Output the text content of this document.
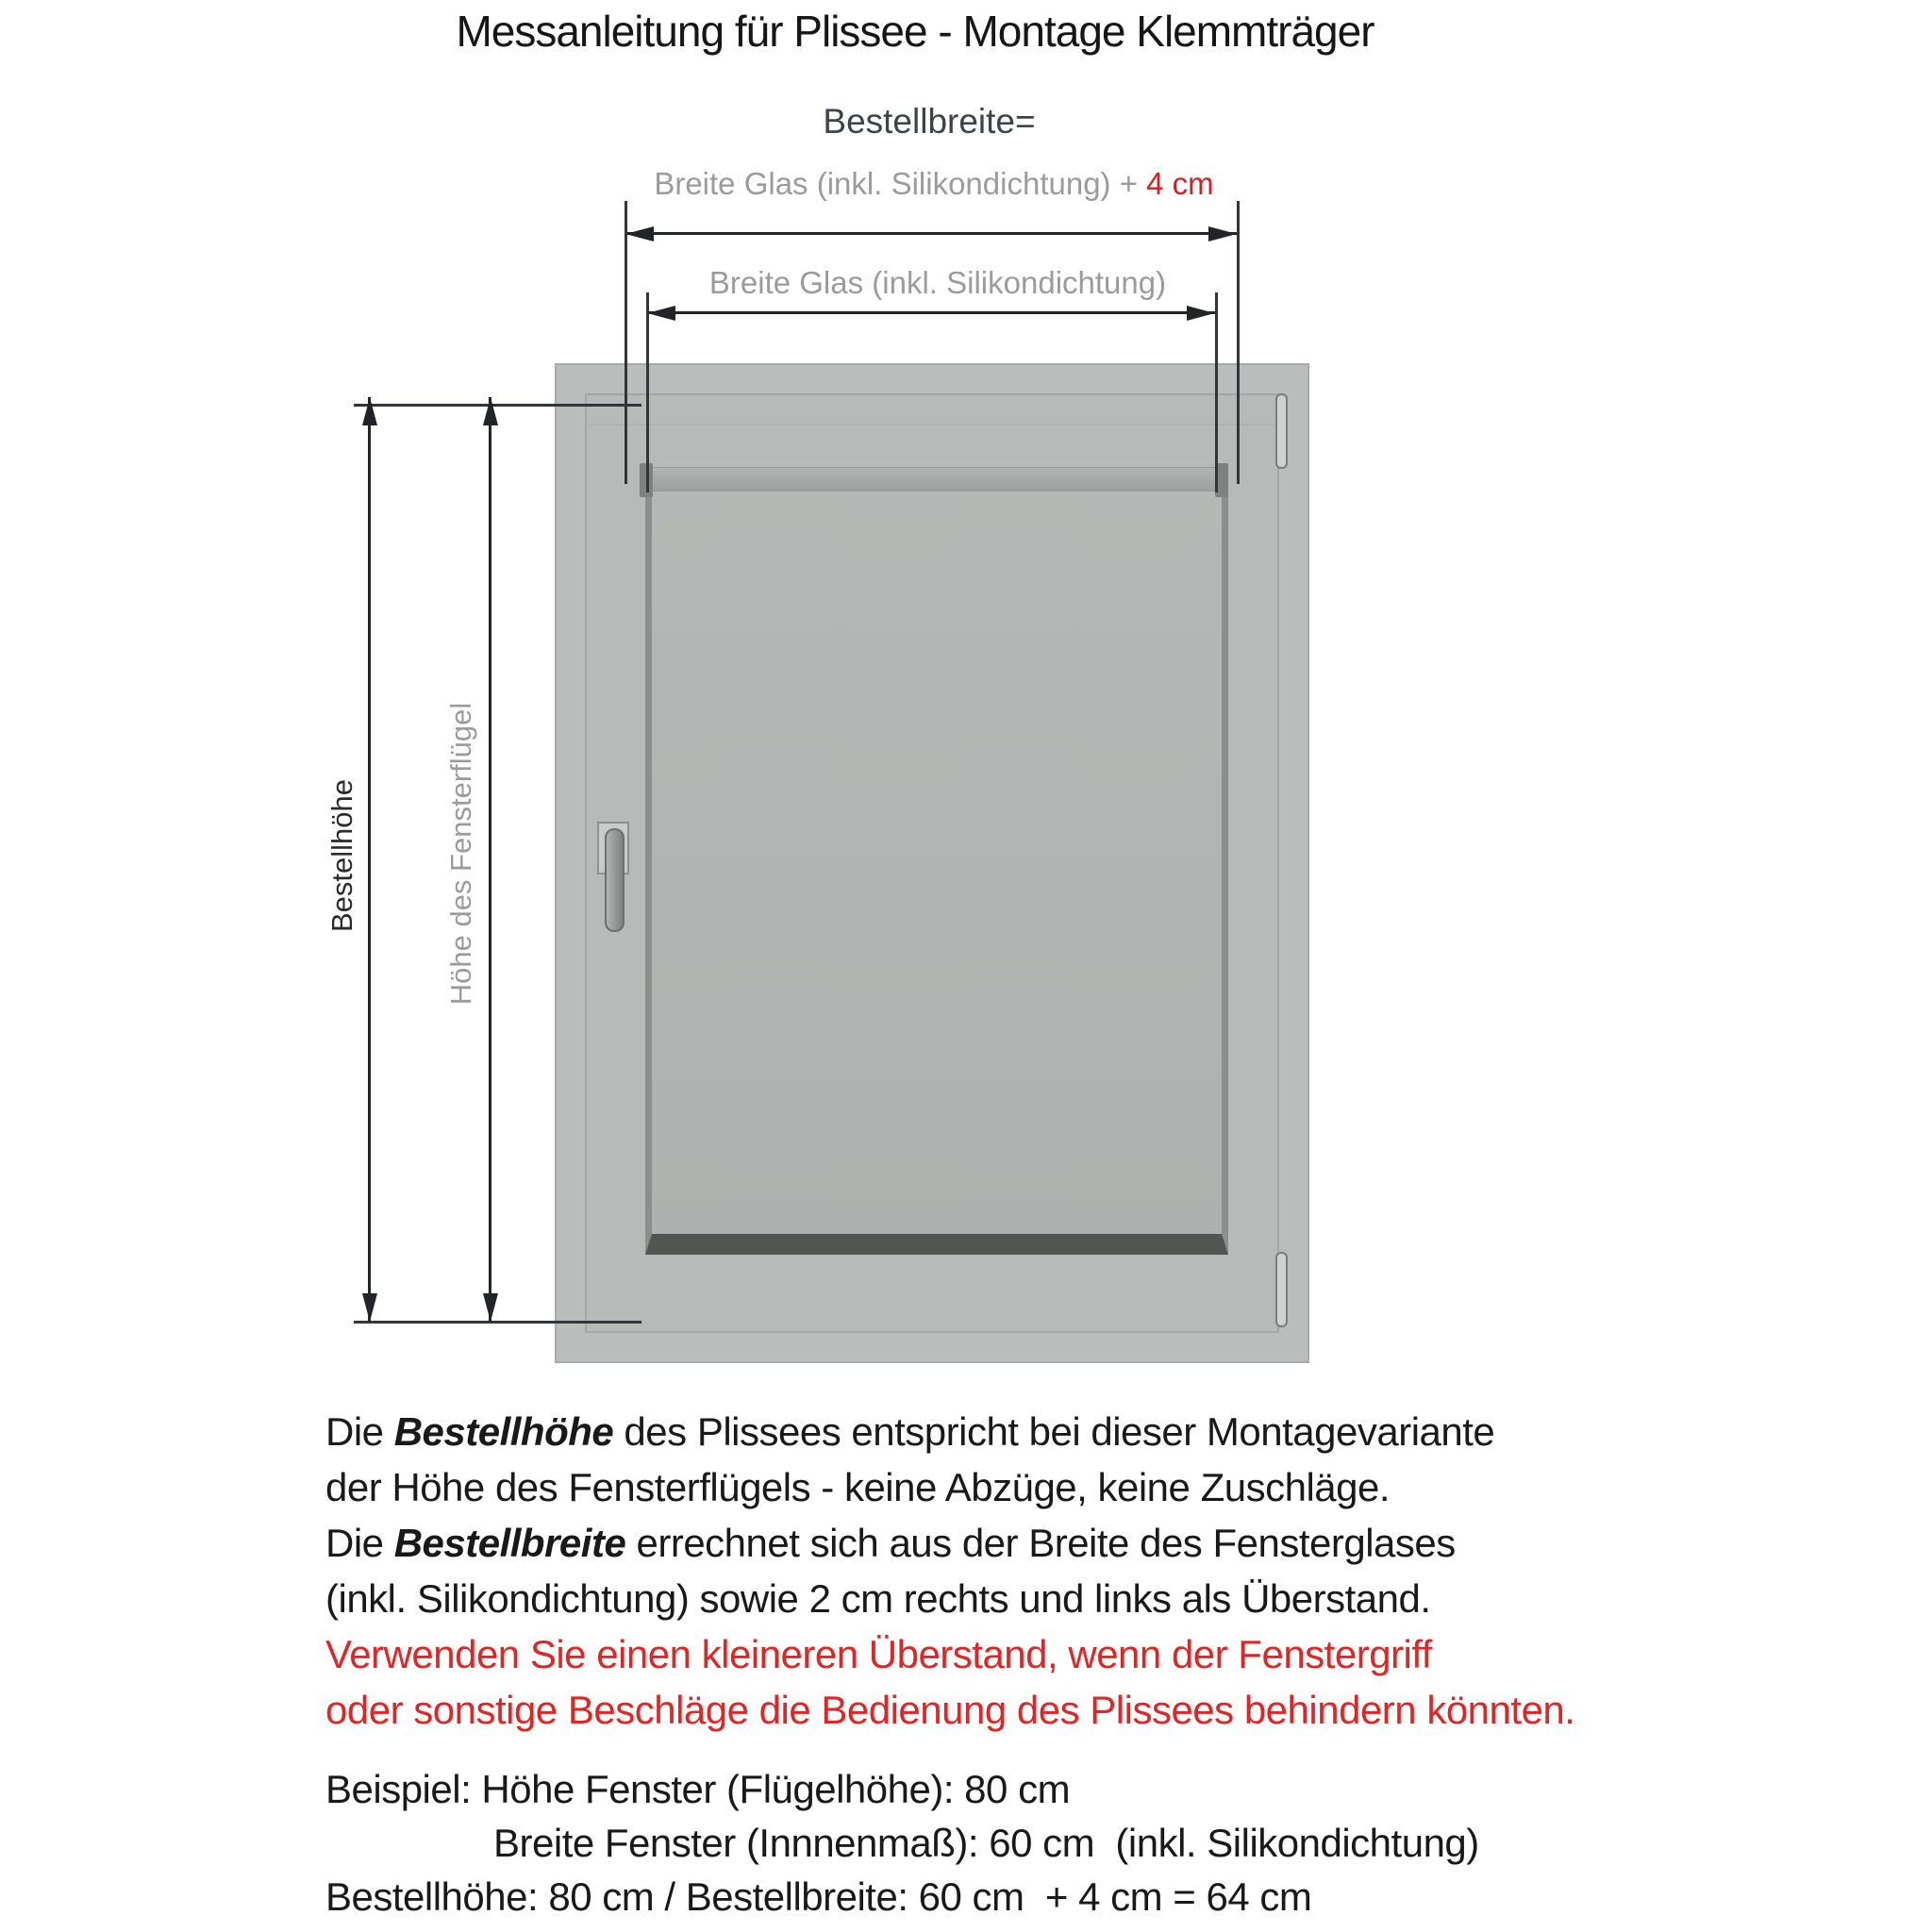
Messanleitung für Plissee - Montage Klemmträger
Bestellbreite=
Breite Glas (inkl. Silikondichtung) + 4 cm
Breite Glas (inkl. Silikondichtung)
Bestellhöhe	Höhe des Fensterflügel
Die Bestellhöhe des Plissees entspricht bei dieser Montagevariante
der Höhe des Fensterflügels - keine Abzüge, keine Zuschläge.
Die Bestellbreite errechnet sich aus der Breite des Fensterglases
(inkl. Silikondichtung) sowie 2 cm rechts und links als Überstand.
Verwenden Sie einen kleineren Überstand, wenn der Fenstergriff
oder sonstige Beschläge die Bedienung des Plissees behindern könnten.
Beispiel: Höhe Fenster (Flügelhöhe): 80 cm
Breite Fenster (Innnenmaß): 60 cm  (inkl. Silikondichtung)
Bestellhöhe: 80 cm / Bestellbreite: 60 cm  + 4 cm = 64 cm
